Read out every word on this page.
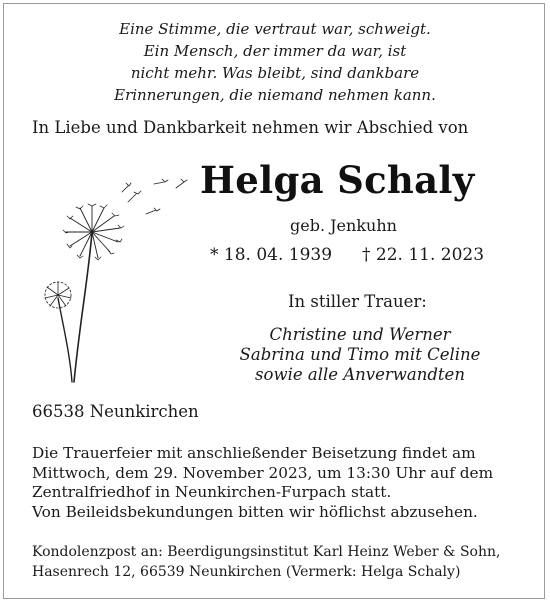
Eine Stimme, die vertraut war, schweigt.
Ein Mensch, der immer da war, ist
nicht mehr. Was bleibt, sind dankbare
Erinnerungen, die niemand nehmen kann.
In Liebe und Dankbarkeit nehmen wir Abschied von
Helga Schaly
geb. Jenkuhn
* 18. 04. 1939 † 22. 11. 2023
In stiller Trauer:
Christine und Werner
Sabrina und Timo mit Celine
sowie alle Anverwandten
66538 Neunkirchen
Die Trauerfeier mit anschließender Beisetzung findet am
Mittwoch, dem 29. November 2023, um 13:30 Uhr auf dem
Zentralfriedhof in Neunkirchen-Furpach statt.
Von Beileidsbekundungen bitten wir höflichst abzusehen.
Kondolenzpost an: Beerdigungsinstitut Karl Heinz Weber & Sohn,
Hasenrech 12, 66539 Neunkirchen (Vermerk: Helga Schaly)
